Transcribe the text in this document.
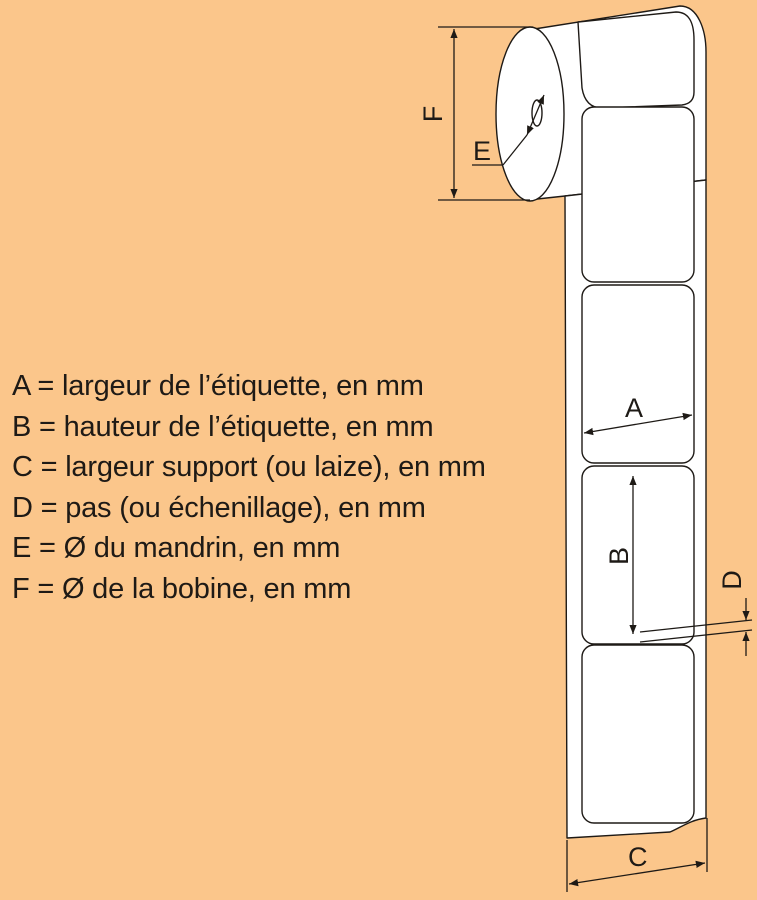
F
E
A
B
D
C
A = largeur de l’étiquette, en mm
B = hauteur de l’étiquette, en mm
C = largeur support (ou laize), en mm
D = pas (ou échenillage), en mm
E = Ø du mandrin, en mm
F = Ø de la bobine, en mm
